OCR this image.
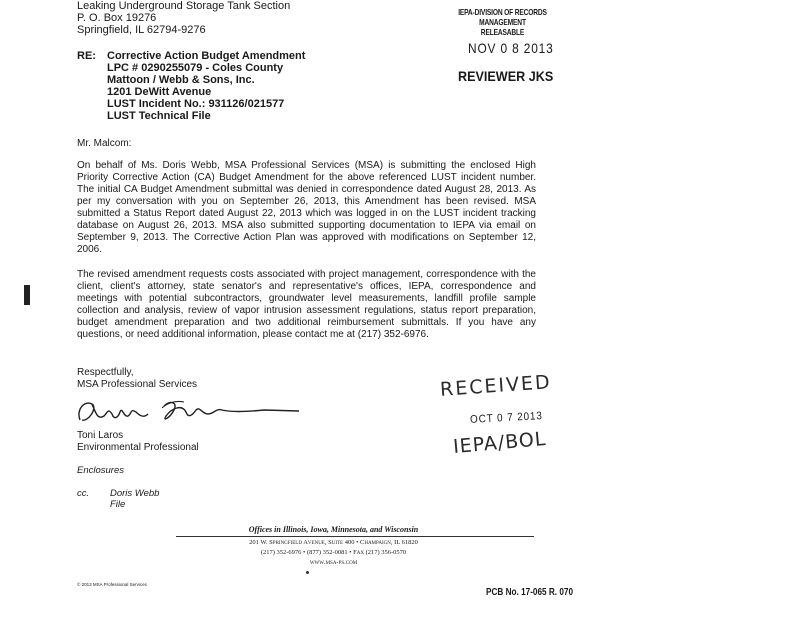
Leaking Underground Storage Tank Section
P. O. Box 19276
Springfield, IL 62794-9276
IEPA-DIVISION OF RECORDS MANAGEMENT
RELEASABLE
NOV 0 8 2013
REVIEWER JKS
RE: Corrective Action Budget Amendment
LPC # 0290255079 - Coles County
Mattoon / Webb & Sons, Inc.
1201 DeWitt Avenue
LUST Incident No.: 931126/021577
LUST Technical File
Mr. Malcom:
On behalf of Ms. Doris Webb, MSA Professional Services (MSA) is submitting the enclosed High Priority Corrective Action (CA) Budget Amendment for the above referenced LUST incident number. The initial CA Budget Amendment submittal was denied in correspondence dated August 28, 2013. As per my conversation with you on September 26, 2013, this Amendment has been revised. MSA submitted a Status Report dated August 22, 2013 which was logged in on the LUST incident tracking database on August 26, 2013. MSA also submitted supporting documentation to IEPA via email on September 9, 2013. The Corrective Action Plan was approved with modifications on September 12, 2006.
The revised amendment requests costs associated with project management, correspondence with the client, client's attorney, state senator's and representative's offices, IEPA, correspondence and meetings with potential subcontractors, groundwater level measurements, landfill profile sample collection and analysis, review of vapor intrusion assessment regulations, status report preparation, budget amendment preparation and two additional reimbursement submittals. If you have any questions, or need additional information, please contact me at (217) 352-6976.
Respectfully,
MSA Professional Services
Toni Laros
Environmental Professional
Enclosures
cc. Doris Webb
File
RECEIVED
OCT 0 7 2013
IEPA/BOL
Offices in Illinois, Iowa, Minnesota, and Wisconsin
201 W. Springfield Avenue, Suite 400 • Champaign, IL 61820
(217) 352-6976 • (877) 352-0081 • Fax (217) 356-0570
www.msa-ps.com
© 2013 MSA Professional Services
PCB No. 17-065 R. 070
